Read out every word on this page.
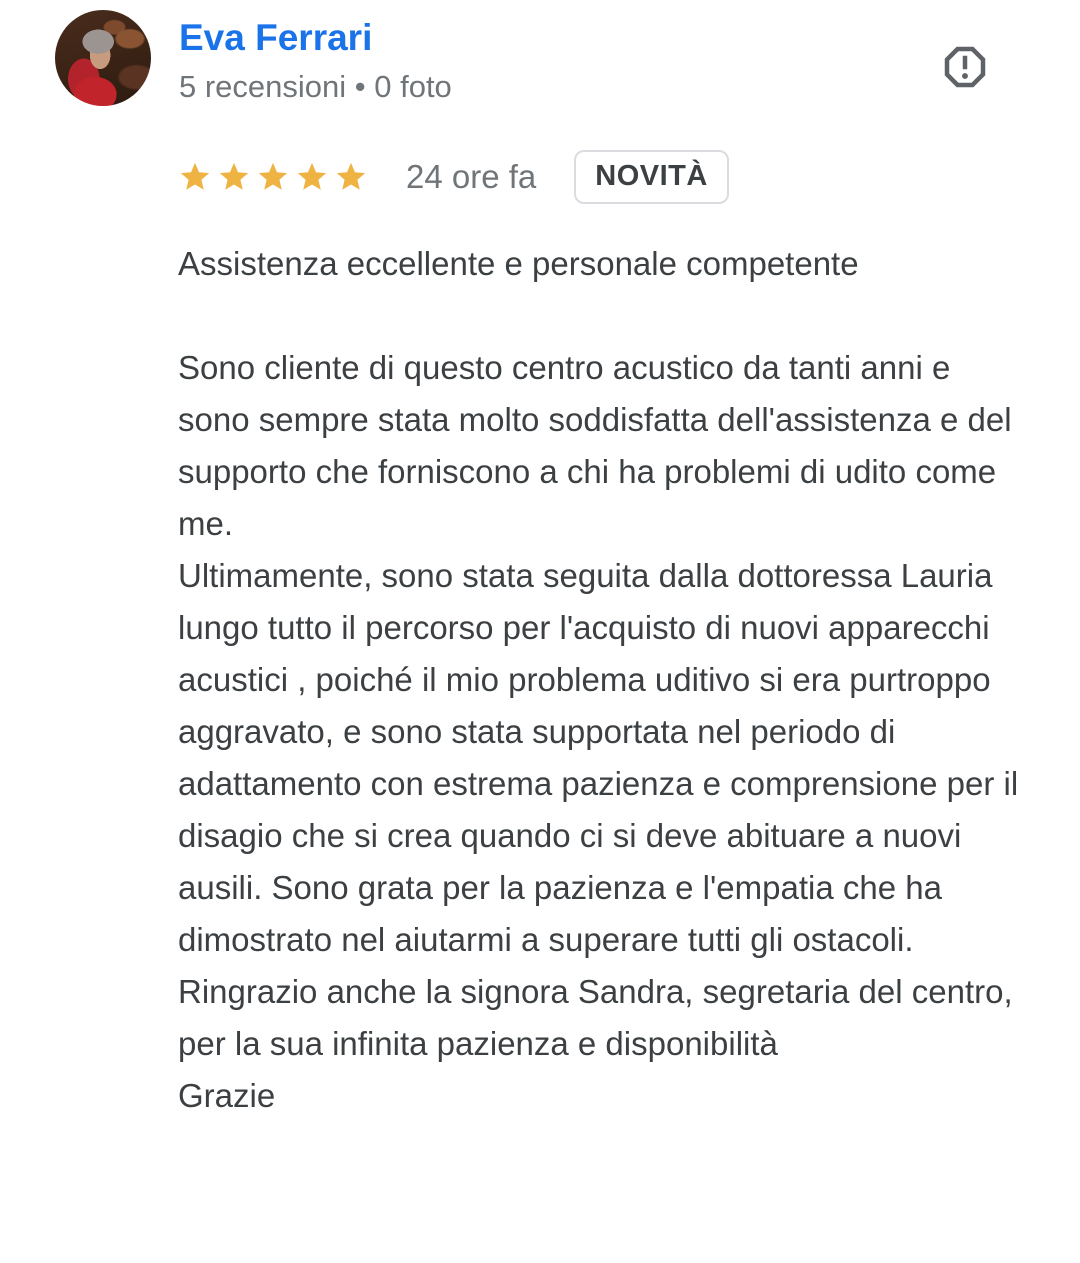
Eva Ferrari
5 recensioni • 0 foto
24 ore fa	NOVITÀ
Assistenza eccellente e personale competente

Sono cliente di questo centro acustico da tanti anni e sono sempre stata molto soddisfatta dell'assistenza e del supporto che forniscono a chi ha problemi di udito come me.

Ultimamente, sono stata seguita dalla dottoressa Lauria lungo tutto il percorso per l'acquisto di nuovi apparecchi acustici , poiché il mio problema uditivo si era purtroppo aggravato, e sono stata supportata nel periodo di adattamento con estrema pazienza e comprensione per il disagio che si crea quando ci si deve abituare a nuovi ausili. Sono grata per la pazienza e l'empatia che ha dimostrato nel aiutarmi a superare tutti gli ostacoli.

Ringrazio anche la signora Sandra, segretaria del centro, per la sua infinita pazienza e disponibilità

Grazie
